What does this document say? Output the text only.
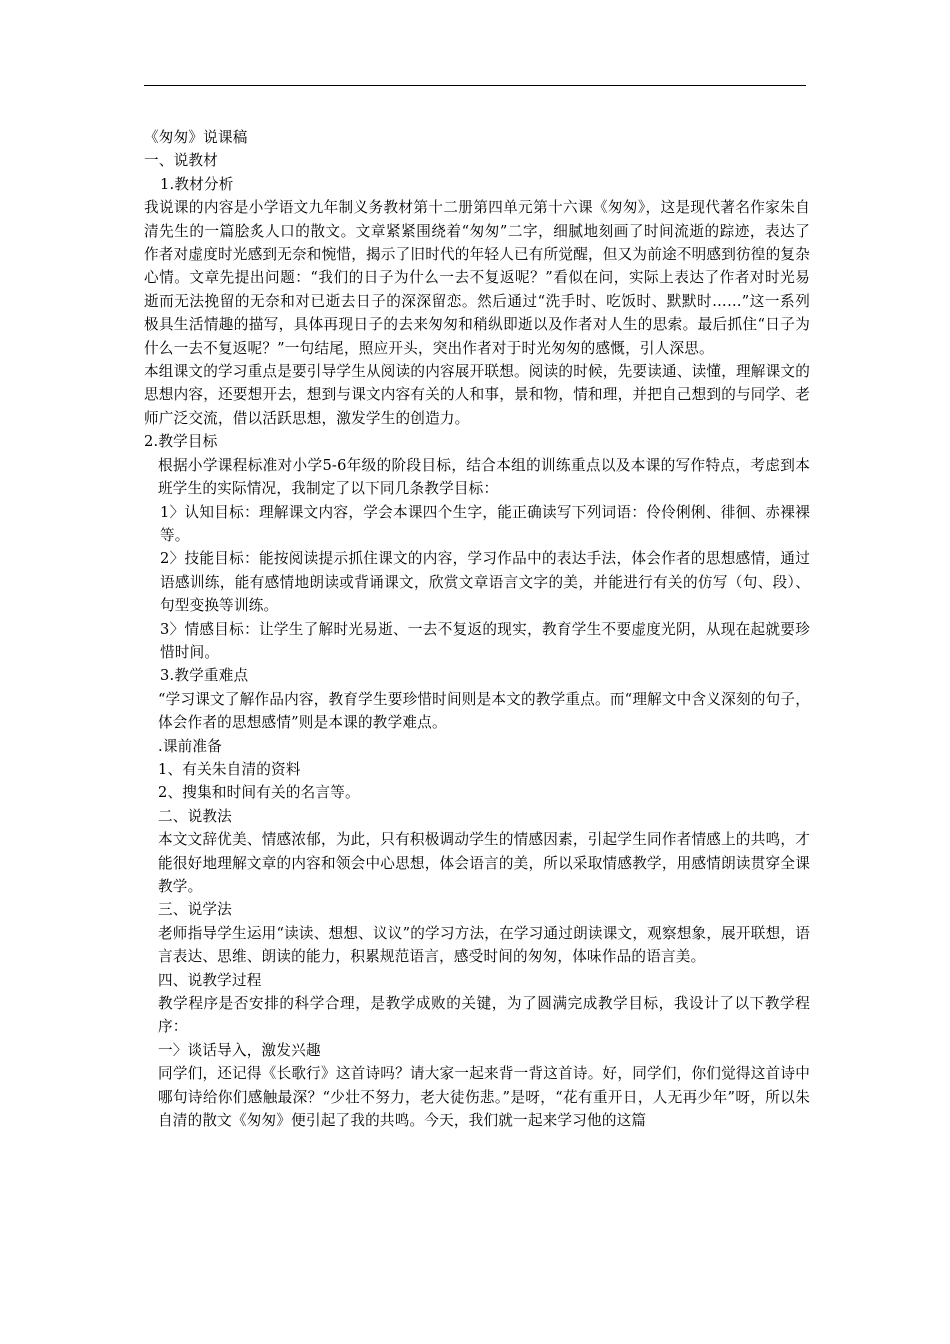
《匆匆》说课稿

一、说教材

1.教材分析

我说课的内容是小学语文九年制义务教材第十二册第四单元第十六课《匆匆》，这是现代著名作家朱自清先生的一篇脍炙人口的散文。文章紧紧围绕着“匆匆”二字，细腻地刻画了时间流逝的踪迹，表达了作者对虚度时光感到无奈和惋惜，揭示了旧时代的年轻人已有所觉醒，但又为前途不明感到彷徨的复杂心情。文章先提出问题：“我们的日子为什么一去不复返呢？”看似在问，实际上表达了作者对时光易逝而无法挽留的无奈和对已逝去日子的深深留恋。然后通过“洗手时、吃饭时、默默时……”这一系列极具生活情趣的描写，具体再现日子的去来匆匆和稍纵即逝以及作者对人生的思索。最后抓住“日子为什么一去不复返呢？”一句结尾，照应开头，突出作者对于时光匆匆的感慨，引人深思。

本组课文的学习重点是要引导学生从阅读的内容展开联想。阅读的时候，先要读通、读懂，理解课文的思想内容，还要想开去，想到与课文内容有关的人和事，景和物，情和理，并把自己想到的与同学、老师广泛交流，借以活跃思想，激发学生的创造力。

2.教学目标

根据小学课程标准对小学5-6年级的阶段目标，结合本组的训练重点以及本课的写作特点，考虑到本班学生的实际情况，我制定了以下同几条教学目标：

1〉认知目标：理解课文内容，学会本课四个生字，能正确读写下列词语：伶伶俐俐、徘徊、赤裸裸等。

2〉技能目标：能按阅读提示抓住课文的内容，学习作品中的表达手法，体会作者的思想感情，通过语感训练，能有感情地朗读或背诵课文，欣赏文章语言文字的美，并能进行有关的仿写（句、段）、句型变换等训练。

3〉情感目标：让学生了解时光易逝、一去不复返的现实，教育学生不要虚度光阴，从现在起就要珍惜时间。

3.教学重难点

“学习课文了解作品内容，教育学生要珍惜时间则是本文的教学重点。而“理解文中含义深刻的句子，体会作者的思想感情”则是本课的教学难点。

.课前准备

1、有关朱自清的资料

2、搜集和时间有关的名言等。

二、说教法

本文文辞优美、情感浓郁，为此，只有积极调动学生的情感因素，引起学生同作者情感上的共鸣，才能很好地理解文章的内容和领会中心思想，体会语言的美，所以采取情感教学，用感情朗读贯穿全课教学。

三、说学法

老师指导学生运用“读读、想想、议议”的学习方法，在学习通过朗读课文，观察想象，展开联想，语言表达、思维、朗读的能力，积累规范语言，感受时间的匆匆，体味作品的语言美。

四、说教学过程

教学程序是否安排的科学合理，是教学成败的关键，为了圆满完成教学目标，我设计了以下教学程序：

一〉谈话导入，激发兴趣

同学们，还记得《长歌行》这首诗吗？请大家一起来背一背这首诗。好，同学们，你们觉得这首诗中哪句诗给你们感触最深？“少壮不努力，老大徒伤悲。”是呀，“花有重开日，人无再少年”呀，所以朱自清的散文《匆匆》便引起了我的共鸣。今天，我们就一起来学习他的这篇
